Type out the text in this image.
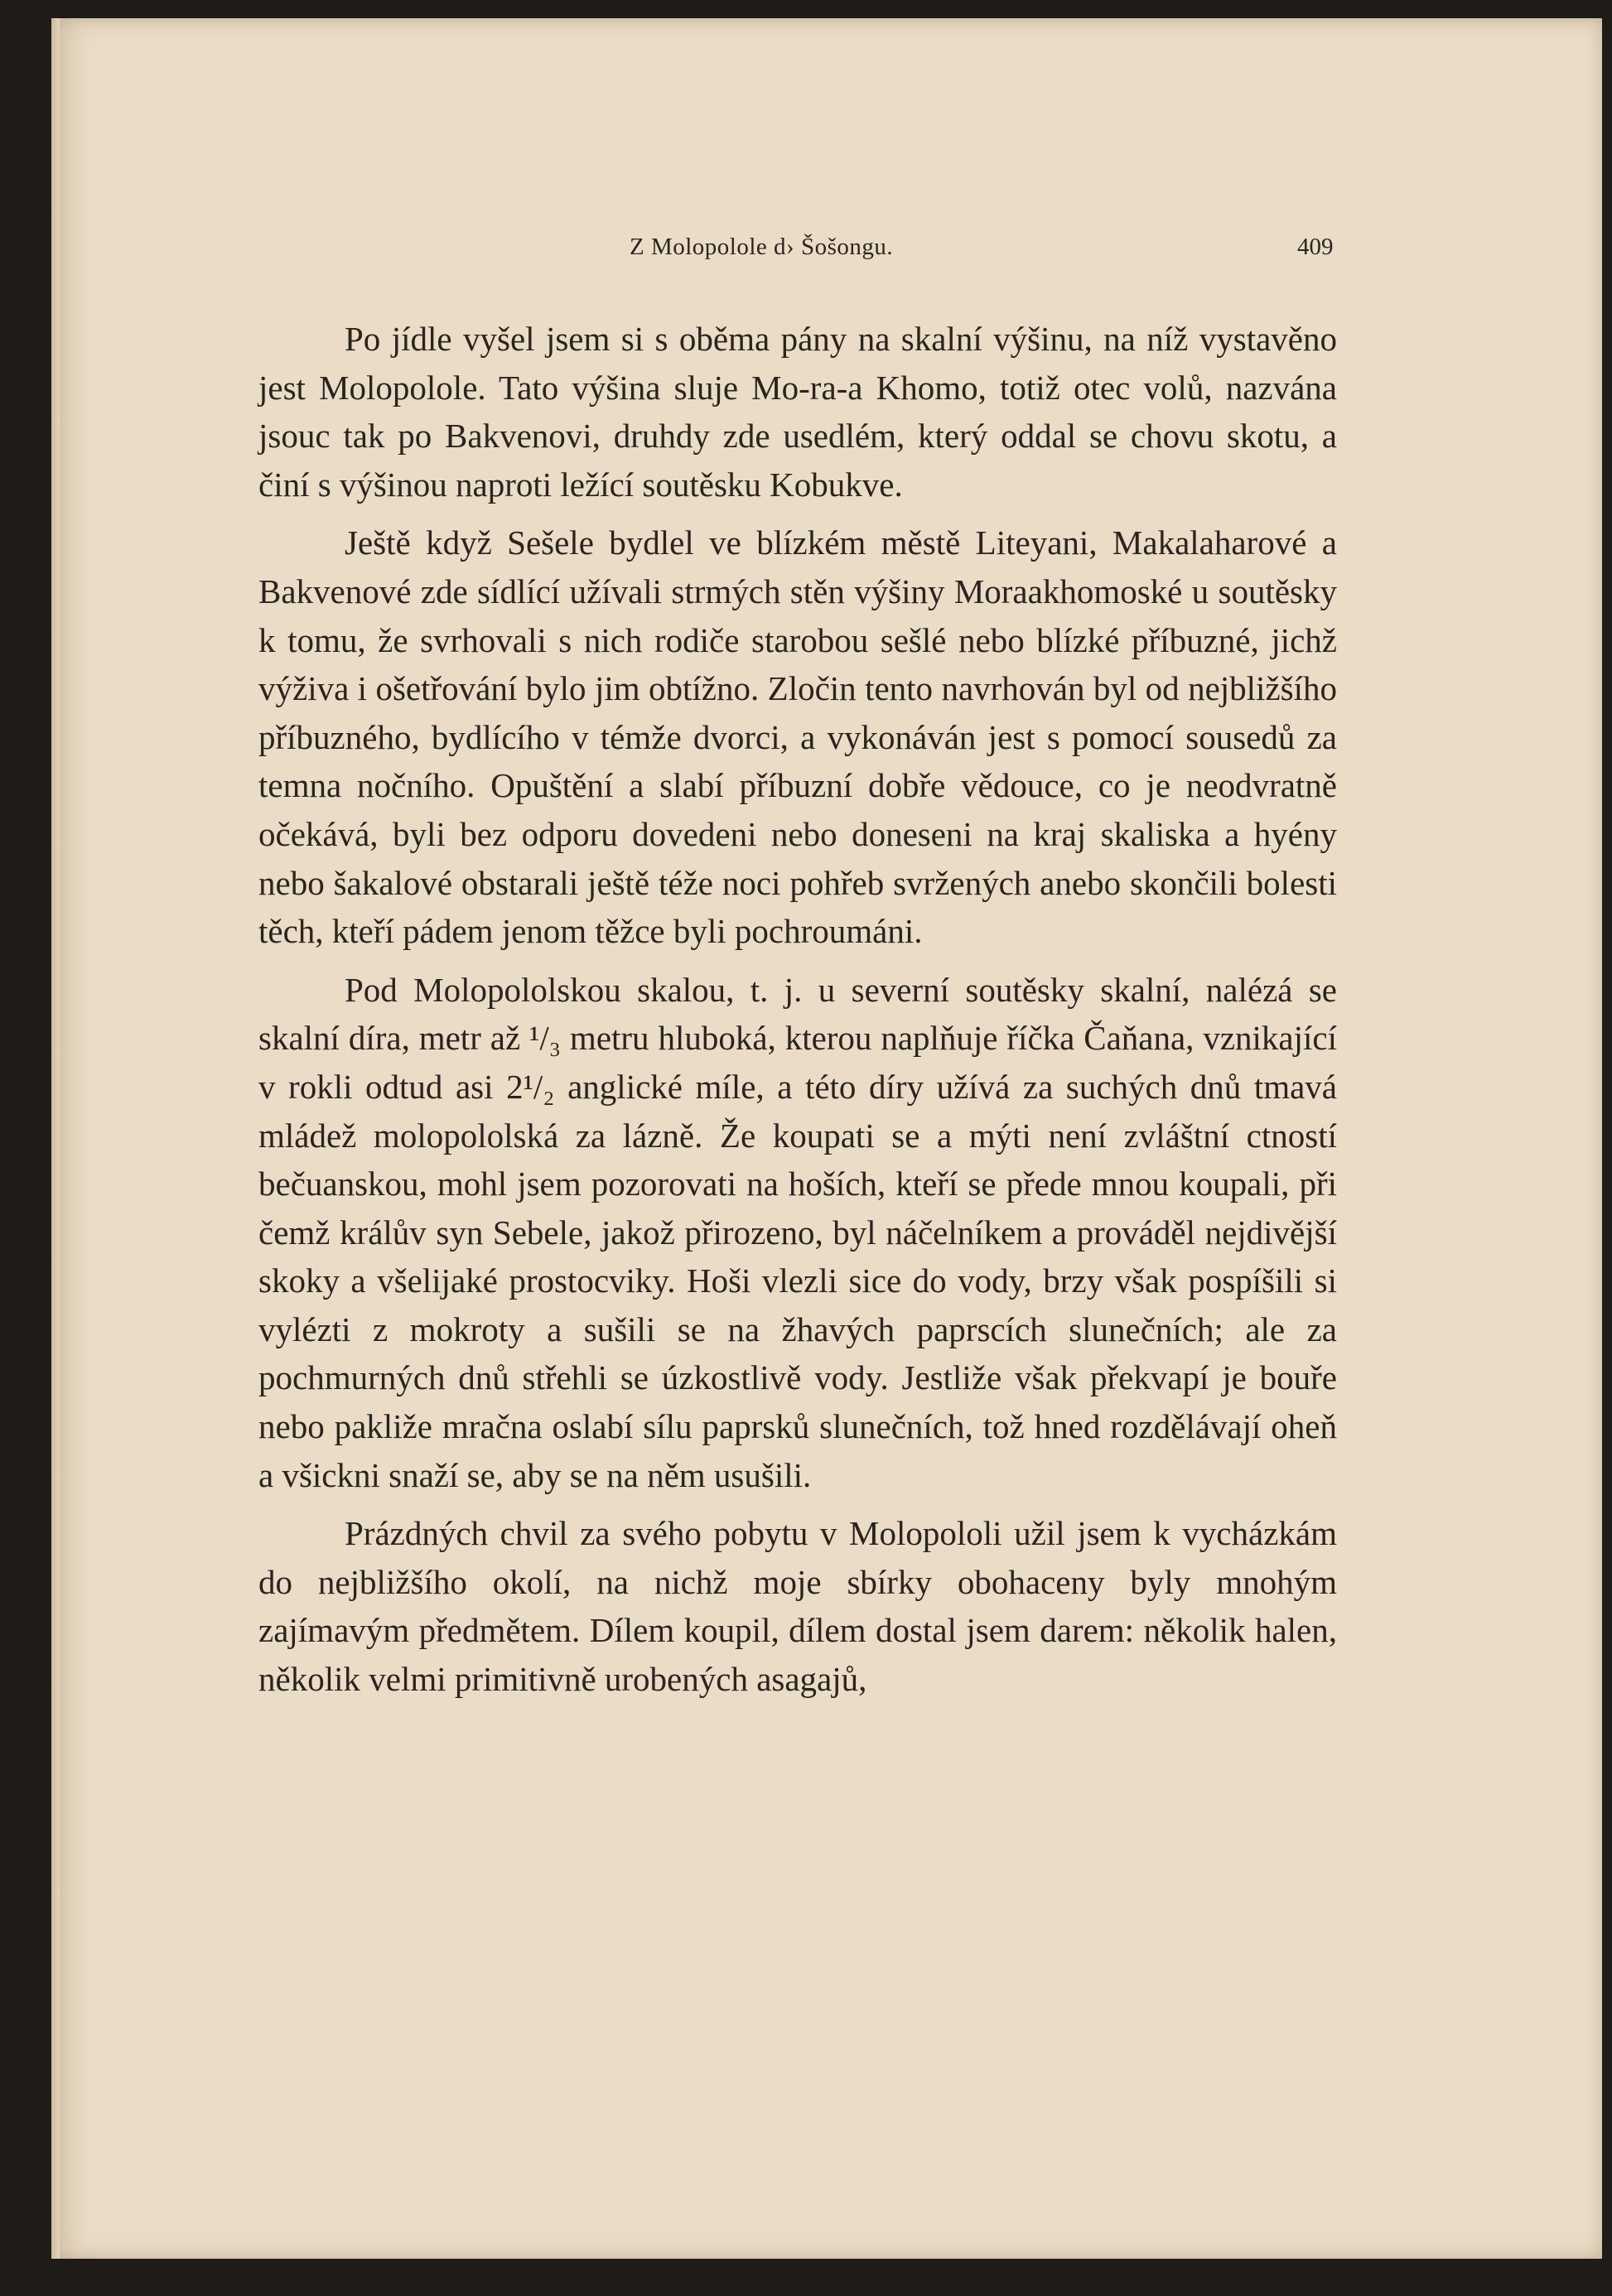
Z Molopolole d› Šošongu.	409

Po jídle vyšel jsem si s oběma pány na skalní výšinu, na níž vystavěno jest Molopolole. Tato výšina sluje Mo-ra-a Khomo, totiž otec volů, nazvána jsouc tak po Bakvenovi, druhdy zde usedlém, který oddal se chovu skotu, a činí s výšinou naproti ležící soutěsku Kobukve.

Ještě když Sešele bydlel ve blízkém městě Liteyani, Makalaharové a Bakvenové zde sídlící užívali strmých stěn výšiny Moraakhomoské u soutěsky k tomu, že svrhovali s nich rodiče starobou sešlé nebo blízké příbuzné, jichž výživa i ošetřování bylo jim obtížno. Zločin tento navrhován byl od nejbližšího příbuzného, bydlícího v témže dvorci, a vykonáván jest s pomocí sousedů za temna nočního. Opuštění a slabí příbuzní dobře vědouce, co je neodvratně očekává, byli bez odporu dovedeni nebo doneseni na kraj skaliska a hyény nebo šakalové obstarali ještě téže noci pohřeb svržených anebo skončili bolesti těch, kteří pádem jenom těžce byli pochroumáni.

Pod Molopololskou skalou, t. j. u severní soutěsky skalní, nalézá se skalní díra, metr až ¹/₃ metru hluboká, kterou naplňuje říčka Čaňana, vznikající v rokli odtud asi 2¹/₂ anglické míle, a této díry užívá za suchých dnů tmavá mládež molopololská za lázně. Že koupati se a mýti není zvláštní ctností bečuanskou, mohl jsem pozorovati na hoších, kteří se přede mnou koupali, při čemž králův syn Sebele, jakož přirozeno, byl náčelníkem a prováděl nejdivější skoky a všelijaké prostocviky. Hoši vlezli sice do vody, brzy však pospíšili si vylézti z mokroty a sušili se na žhavých paprscích slunečních; ale za pochmurných dnů střehli se úzkostlivě vody. Jestliže však překvapí je bouře nebo pakliže mračna oslabí sílu paprsků slunečních, tož hned rozdělávají oheň a všickni snaží se, aby se na něm usušili.

Prázdných chvil za svého pobytu v Molopololi užil jsem k vycházkám do nejbližšího okolí, na nichž moje sbírky obohaceny byly mnohým zajímavým předmětem. Dílem koupil, dílem dostal jsem darem: několik halen, několik velmi primitivně urobených asagajů,
